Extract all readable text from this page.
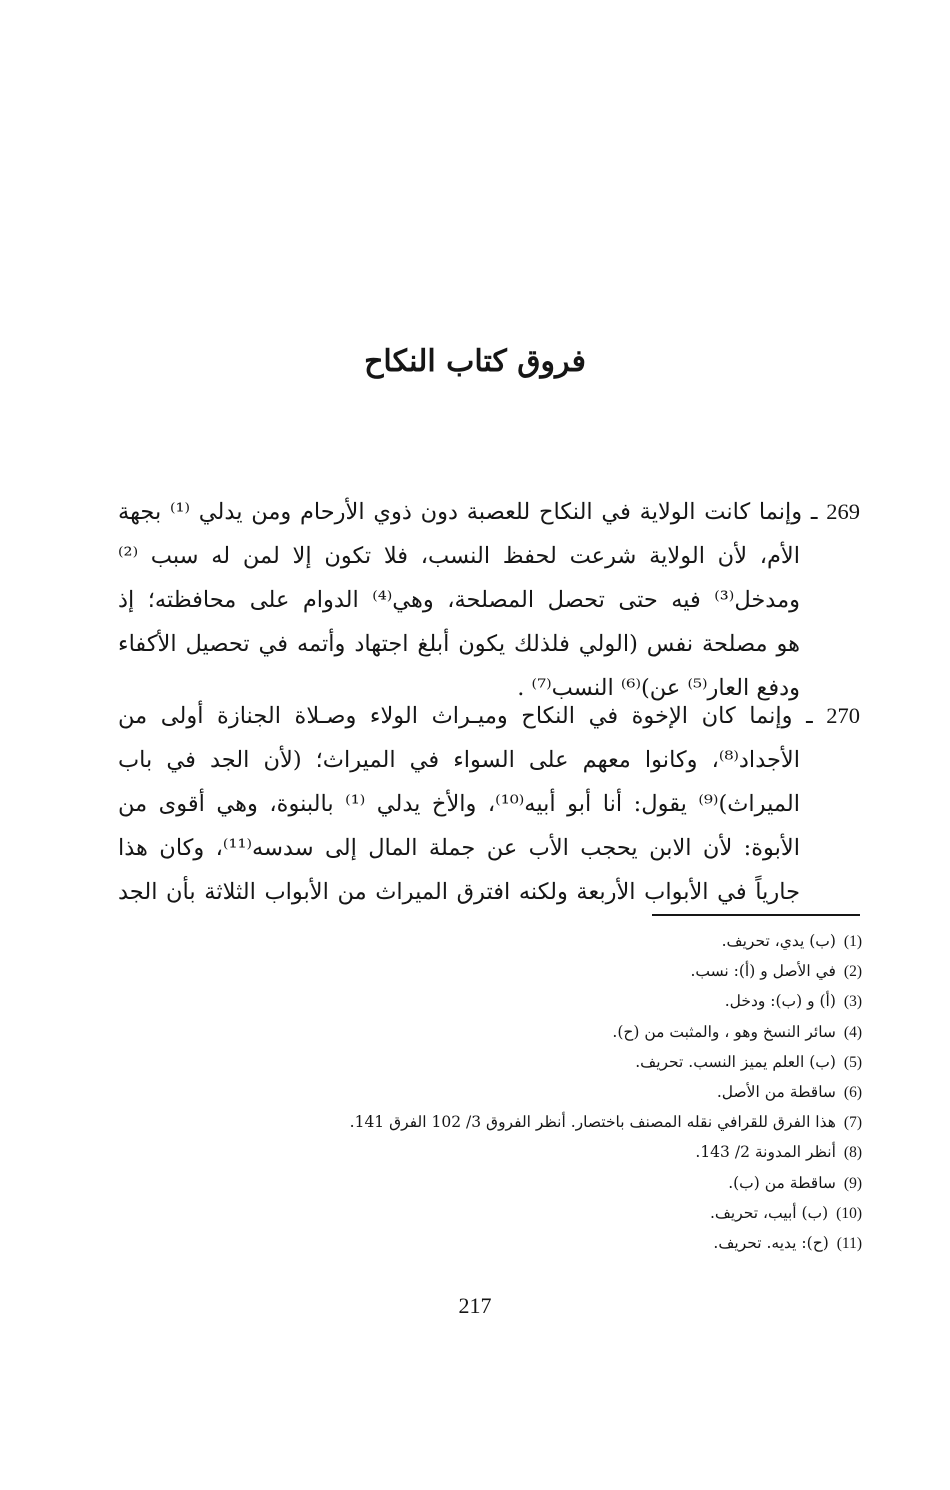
فروق كتاب النكاح
269 ـ وإنما كانت الولاية في النكاح للعصبة دون ذوي الأرحام ومن يدلي ⁽¹⁾ بجهة
الأم، لأن الولاية شرعت لحفظ النسب، فلا تكون إلا لمن له سبب ⁽²⁾
ومدخل⁽³⁾ فيه حتى تحصل المصلحة، وهي⁽⁴⁾ الدوام على محافظته؛ إذ
هو مصلحة نفس (الولي فلذلك يكون أبلغ اجتهاد وأتمه في تحصيل الأكفاء
ودفع العار⁽⁵⁾ عن)⁽⁶⁾ النسب⁽⁷⁾ .
270 ـ وإنما كان الإخوة في النكاح وميـراث الولاء وصـلاة الجنازة أولى من
الأجداد⁽⁸⁾، وكانوا معهم على السواء في الميراث؛ (لأن الجد في باب
الميراث)⁽⁹⁾ يقول: أنا أبو أبيه⁽¹⁰⁾، والأخ يدلي ⁽¹⁾ بالبنوة، وهي أقوى من
الأبوة: لأن الابن يحجب الأب عن جملة المال إلى سدسه⁽¹¹⁾، وكان هذا
جارياً في الأبواب الأربعة ولكنه افترق الميراث من الأبواب الثلاثة بأن الجد
(1)(ب) يدي، تحريف.
(2)في الأصل و (أ): نسب.
(3)(أ) و (ب): ودخل.
(4)سائر النسخ وهو ، والمثبت من (ح).
(5)(ب) العلم يميز النسب. تحريف.
(6)ساقطة من الأصل.
(7)هذا الفرق للقرافي نقله المصنف باختصار. أنظر الفروق 3/ 102 الفرق 141.
(8)أنظر المدونة 2/ 143.
(9)ساقطة من (ب).
(10)(ب) أبيب، تحريف.
(11)(ح): يديه. تحريف.
217
